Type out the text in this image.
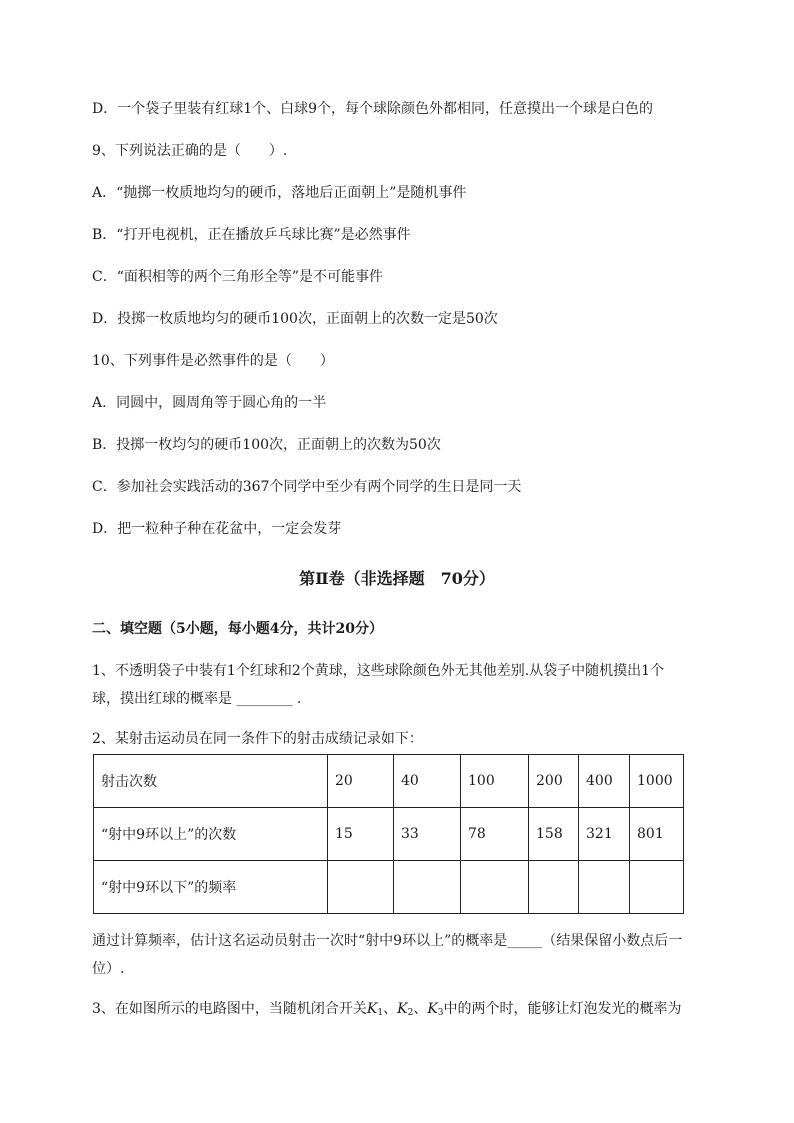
D．一个袋子里装有红球1个、白球9个，每个球除颜色外都相同，任意摸出一个球是白色的
9、下列说法正确的是（　　）.
A．“抛掷一枚质地均匀的硬币，落地后正面朝上”是随机事件
B．“打开电视机，正在播放乒乓球比赛”是必然事件
C．“面积相等的两个三角形全等”是不可能事件
D．投掷一枚质地均匀的硬币100次，正面朝上的次数一定是50次
10、下列事件是必然事件的是（　　）
A．同圆中，圆周角等于圆心角的一半
B．投掷一枚均匀的硬币100次，正面朝上的次数为50次
C．参加社会实践活动的367个同学中至少有两个同学的生日是同一天
D．把一粒种子种在花盆中，一定会发芽
第Ⅱ卷（非选择题　70分）
二、填空题（5小题，每小题4分，共计20分）
1、不透明袋子中装有1个红球和2个黄球，这些球除颜色外无其他差别.从袋子中随机摸出1个
球，摸出红球的概率是 ________ .
2、某射击运动员在同一条件下的射击成绩记录如下：
射击次数	20	40	100	200	400	1000
“射中9环以上”的次数	15	33	78	158	321	801
“射中9环以下”的频率						
通过计算频率，估计这名运动员射击一次时“射中9环以上”的概率是_____（结果保留小数点后一
位）.
3、在如图所示的电路图中，当随机闭合开关$K_1$、$K_2$、$K_3$中的两个时，能够让灯泡发光的概率为
